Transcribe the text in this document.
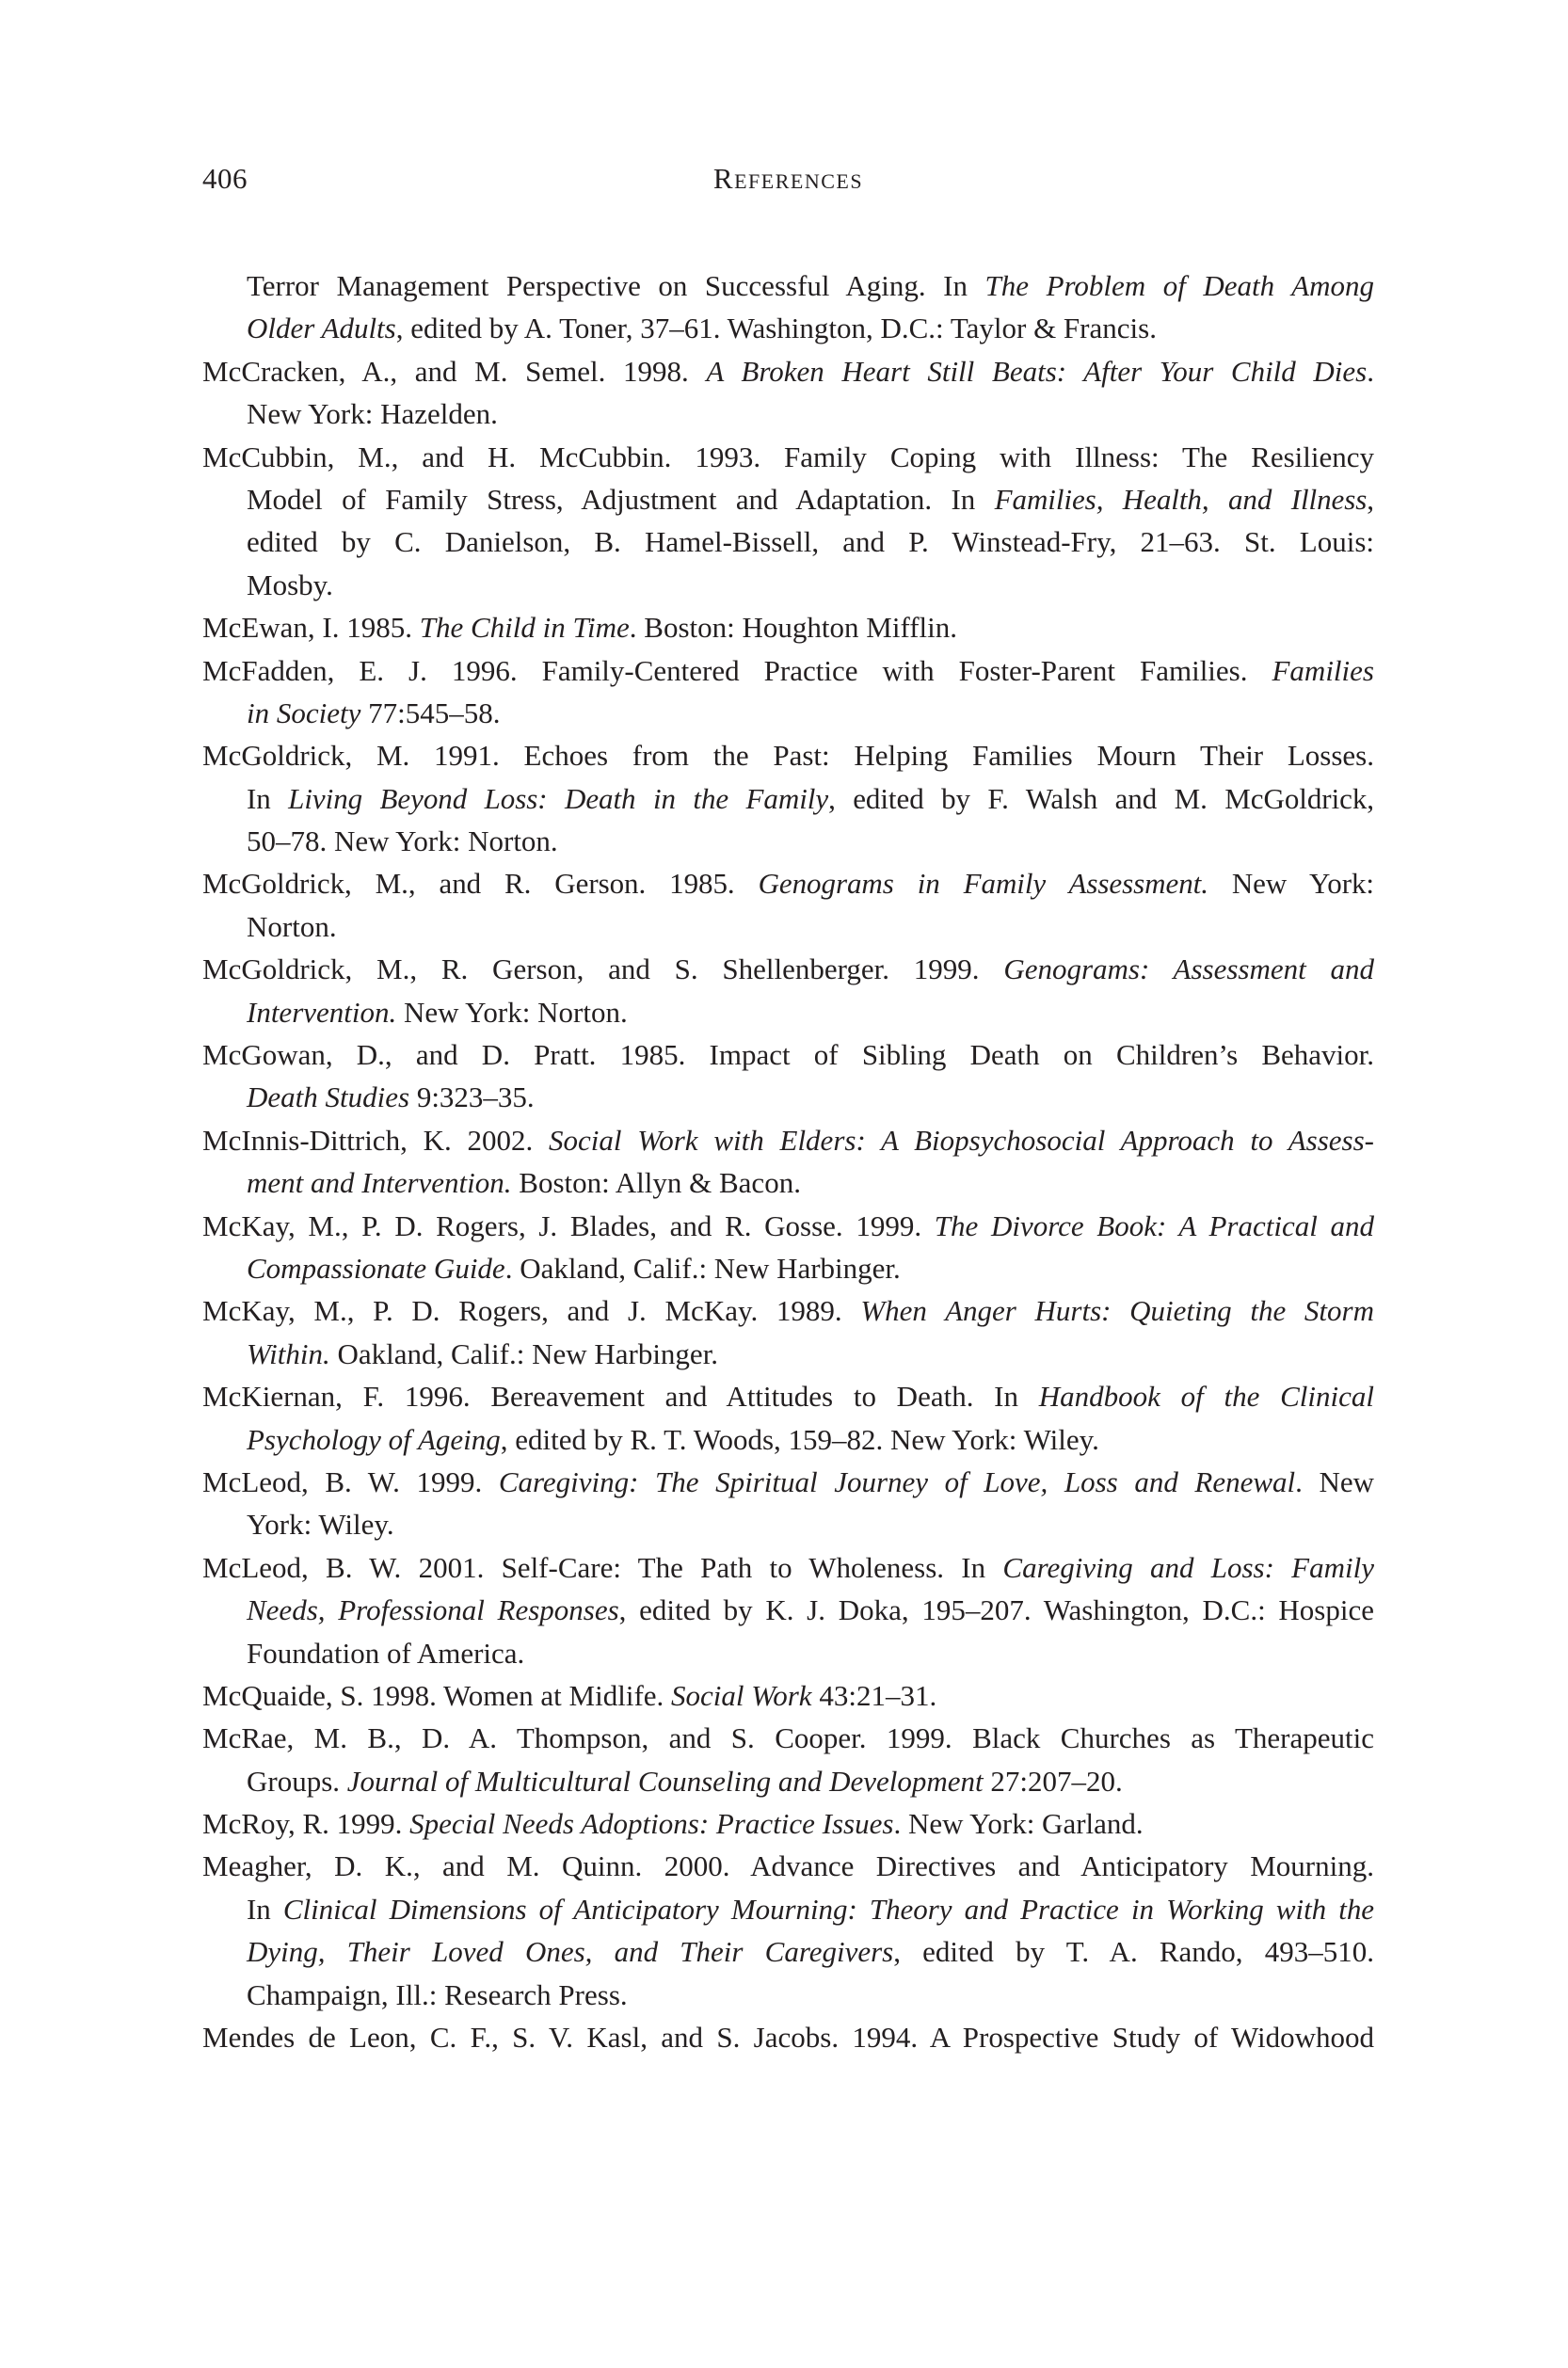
406	References
Terror Management Perspective on Successful Aging. In The Problem of Death Among
Older Adults, edited by A. Toner, 37–61. Washington, D.C.: Taylor & Francis.
McCracken, A., and M. Semel. 1998. A Broken Heart Still Beats: After Your Child Dies.
New York: Hazelden.
McCubbin, M., and H. McCubbin. 1993. Family Coping with Illness: The Resiliency
Model of Family Stress, Adjustment and Adaptation. In Families, Health, and Illness,
edited by C. Danielson, B. Hamel-Bissell, and P. Winstead-Fry, 21–63. St. Louis:
Mosby.
McEwan, I. 1985. The Child in Time. Boston: Houghton Mifflin.
McFadden, E. J. 1996. Family-Centered Practice with Foster-Parent Families. Families
in Society 77:545–58.
McGoldrick, M. 1991. Echoes from the Past: Helping Families Mourn Their Losses.
In Living Beyond Loss: Death in the Family, edited by F. Walsh and M. McGoldrick,
50–78. New York: Norton.
McGoldrick, M., and R. Gerson. 1985. Genograms in Family Assessment. New York:
Norton.
McGoldrick, M., R. Gerson, and S. Shellenberger. 1999. Genograms: Assessment and
Intervention. New York: Norton.
McGowan, D., and D. Pratt. 1985. Impact of Sibling Death on Children’s Behavior.
Death Studies 9:323–35.
McInnis-Dittrich, K. 2002. Social Work with Elders: A Biopsychosocial Approach to Assess-
ment and Intervention. Boston: Allyn & Bacon.
McKay, M., P. D. Rogers, J. Blades, and R. Gosse. 1999. The Divorce Book: A Practical and
Compassionate Guide. Oakland, Calif.: New Harbinger.
McKay, M., P. D. Rogers, and J. McKay. 1989. When Anger Hurts: Quieting the Storm
Within. Oakland, Calif.: New Harbinger.
McKiernan, F. 1996. Bereavement and Attitudes to Death. In Handbook of the Clinical
Psychology of Ageing, edited by R. T. Woods, 159–82. New York: Wiley.
McLeod, B. W. 1999. Caregiving: The Spiritual Journey of Love, Loss and Renewal. New
York: Wiley.
McLeod, B. W. 2001. Self-Care: The Path to Wholeness. In Caregiving and Loss: Family
Needs, Professional Responses, edited by K. J. Doka, 195–207. Washington, D.C.: Hospice
Foundation of America.
McQuaide, S. 1998. Women at Midlife. Social Work 43:21–31.
McRae, M. B., D. A. Thompson, and S. Cooper. 1999. Black Churches as Therapeutic
Groups. Journal of Multicultural Counseling and Development 27:207–20.
McRoy, R. 1999. Special Needs Adoptions: Practice Issues. New York: Garland.
Meagher, D. K., and M. Quinn. 2000. Advance Directives and Anticipatory Mourning.
In Clinical Dimensions of Anticipatory Mourning: Theory and Practice in Working with the
Dying, Their Loved Ones, and Their Caregivers, edited by T. A. Rando, 493–510.
Champaign, Ill.: Research Press.
Mendes de Leon, C. F., S. V. Kasl, and S. Jacobs. 1994. A Prospective Study of Widowhood
